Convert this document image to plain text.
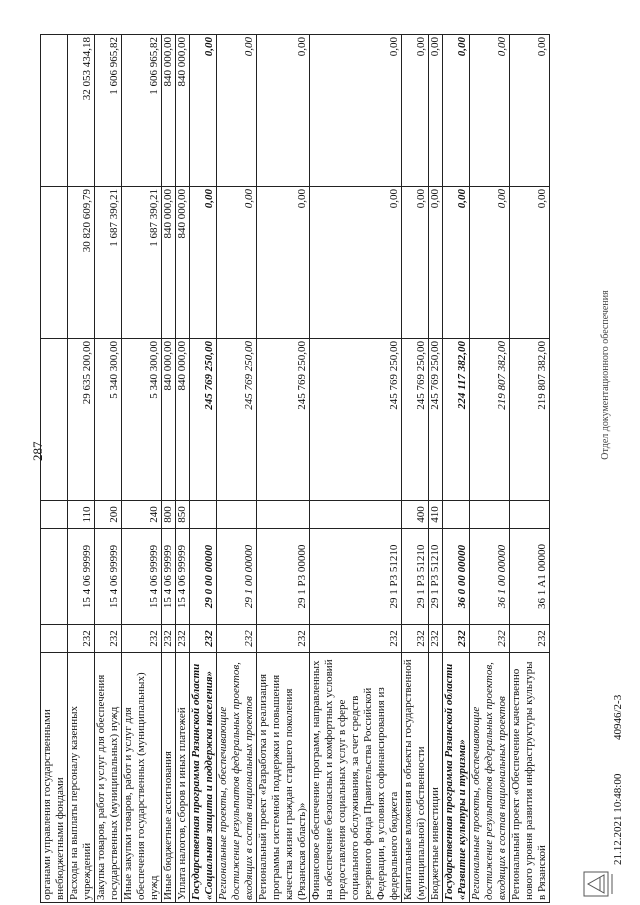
287
органами управления государственными внебюджетными фондами						
Расходы на выплаты персоналу казенных учреждений	232	15 4 06 99999	110	29 635 200,00	30 820 609,79	32 053 434,18
Закупка товаров, работ и услуг для обеспечения государственных (муниципальных) нужд	232	15 4 06 99999	200	5 340 300,00	1 687 390,21	1 606 965,82
Иные закупки товаров, работ и услуг для обеспечения государственных (муниципальных) нужд	232	15 4 06 99999	240	5 340 300,00	1 687 390,21	1 606 965,82
Иные бюджетные ассигнования	232	15 4 06 99999	800	840 000,00	840 000,00	840 000,00
Уплата налогов, сборов и иных платежей	232	15 4 06 99999	850	840 000,00	840 000,00	840 000,00
Государственная программа Рязанской области «Социальная защита и поддержка населения»	232	29 0 00 00000		245 769 250,00	0,00	0,00
Региональные проекты, обеспечивающие достижение результатов федеральных проектов, входящих в состав национальных проектов	232	29 1 00 00000		245 769 250,00	0,00	0,00
Региональный проект «Разработка и реализация программы системной поддержки и повышения качества жизни граждан старшего поколения (Рязанская область)»	232	29 1 P3 00000		245 769 250,00	0,00	0,00
Финансовое обеспечение программ, направленных на обеспечение безопасных и комфортных условий предоставления социальных услуг в сфере социального обслуживания, за счет средств резервного фонда Правительства Российской Федерации, в условиях софинансирования из федерального бюджета	232	29 1 P3 51210		245 769 250,00	0,00	0,00
Капитальные вложения в объекты государственной (муниципальной) собственности	232	29 1 P3 51210	400	245 769 250,00	0,00	0,00
Бюджетные инвестиции	232	29 1 P3 51210	410	245 769 250,00	0,00	0,00
Государственная программа Рязанской области «Развитие культуры и туризма»	232	36 0 00 00000		224 117 382,00	0,00	0,00
Региональные проекты, обеспечивающие достижение результатов федеральных проектов, входящих в состав национальных проектов	232	36 1 00 00000		219 807 382,00	0,00	0,00
Региональный проект «Обеспечение качественно нового уровня развития инфраструктуры культуры в Рязанской	232	36 1 A1 00000		219 807 382,00	0,00	0,00
21.12.2021 10:48:00
40946/2-3
Отдел документационного обеспечения
